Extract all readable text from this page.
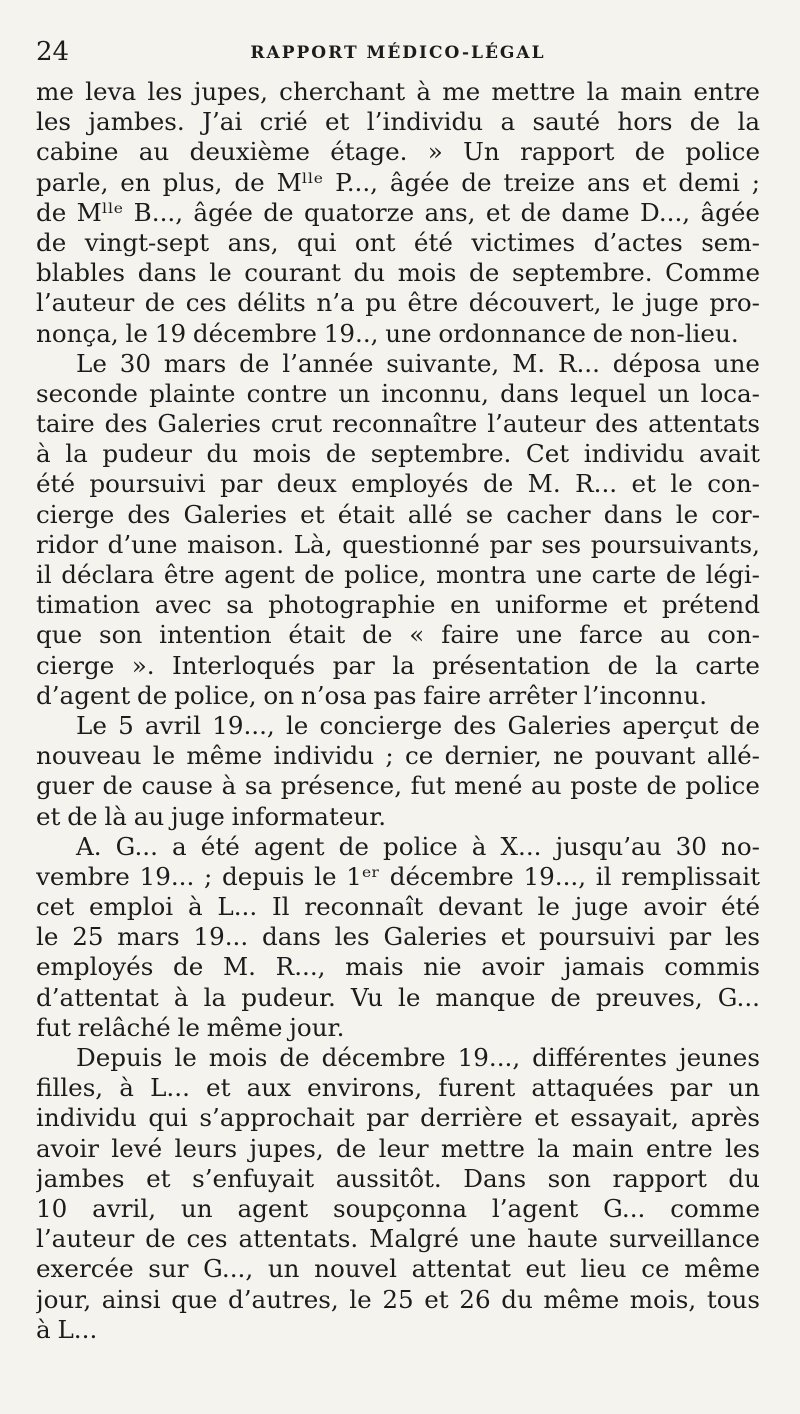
24	RAPPORT MÉDICO-LÉGAL
me leva les jupes, cherchant à me mettre la main entre
les jambes. J’ai crié et l’individu a sauté hors de la
cabine au deuxième étage. » Un rapport de police
parle, en plus, de Mˡˡᵉ P..., âgée de treize ans et demi ;
de Mˡˡᵉ B..., âgée de quatorze ans, et de dame D..., âgée
de vingt-sept ans, qui ont été victimes d’actes sem-
blables dans le courant du mois de septembre. Comme
l’auteur de ces délits n’a pu être découvert, le juge pro-
nonça, le 19 décembre 19.., une ordonnance de non-lieu.
Le 30 mars de l’année suivante, M. R... déposa une
seconde plainte contre un inconnu, dans lequel un loca-
taire des Galeries crut reconnaître l’auteur des attentats
à la pudeur du mois de septembre. Cet individu avait
été poursuivi par deux employés de M. R... et le con-
cierge des Galeries et était allé se cacher dans le cor-
ridor d’une maison. Là, questionné par ses poursuivants,
il déclara être agent de police, montra une carte de légi-
timation avec sa photographie en uniforme et prétend
que son intention était de « faire une farce au con-
cierge ». Interloqués par la présentation de la carte
d’agent de police, on n’osa pas faire arrêter l’inconnu.
Le 5 avril 19..., le concierge des Galeries aperçut de
nouveau le même individu ; ce dernier, ne pouvant allé-
guer de cause à sa présence, fut mené au poste de police
et de là au juge informateur.
A. G... a été agent de police à X... jusqu’au 30 no-
vembre 19... ; depuis le 1ᵉʳ décembre 19..., il remplissait
cet emploi à L... Il reconnaît devant le juge avoir été
le 25 mars 19... dans les Galeries et poursuivi par les
employés de M. R..., mais nie avoir jamais commis
d’attentat à la pudeur. Vu le manque de preuves, G...
fut relâché le même jour.
Depuis le mois de décembre 19..., différentes jeunes
filles, à L... et aux environs, furent attaquées par un
individu qui s’approchait par derrière et essayait, après
avoir levé leurs jupes, de leur mettre la main entre les
jambes et s’enfuyait aussitôt. Dans son rapport du
10 avril, un agent soupçonna l’agent G... comme
l’auteur de ces attentats. Malgré une haute surveillance
exercée sur G..., un nouvel attentat eut lieu ce même
jour, ainsi que d’autres, le 25 et 26 du même mois, tous
à L...
